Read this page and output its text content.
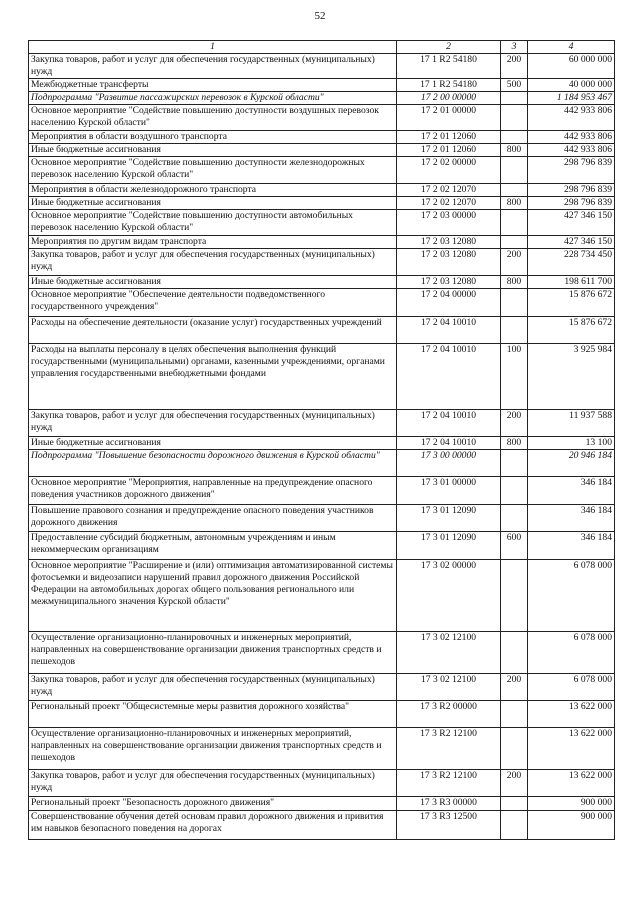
52
1	2	3	4
Закупка товаров, работ и услуг для обеспечения государственных (муниципальных) нужд	17 1 R2 54180	200	60 000 000
Межбюджетные трансферты	17 1 R2 54180	500	40 000 000
Подпрограмма "Развитие пассажирских перевозок в Курской области"	17 2 00 00000		1 184 953 467
Основное мероприятие "Содействие повышению доступности воздушных перевозок населению Курской области"	17 2 01 00000		442 933 806
Мероприятия в области воздушного транспорта	17 2 01 12060		442 933 806
Иные бюджетные ассигнования	17 2 01 12060	800	442 933 806
Основное мероприятие "Содействие повышению доступности железнодорожных перевозок населению Курской области"	17 2 02 00000		298 796 839
Мероприятия в области железнодорожного транспорта	17 2 02 12070		298 796 839
Иные бюджетные ассигнования	17 2 02 12070	800	298 796 839
Основное мероприятие "Содействие повышению доступности автомобильных перевозок населению Курской области"	17 2 03 00000		427 346 150
Мероприятия по другим видам транспорта	17 2 03 12080		427 346 150
Закупка товаров, работ и услуг для обеспечения государственных (муниципальных) нужд	17 2 03 12080	200	228 734 450
Иные бюджетные ассигнования	17 2 03 12080	800	198 611 700
Основное мероприятие "Обеспечение деятельности подведомственного государственного учреждения"	17 2 04 00000		15 876 672
Расходы на обеспечение деятельности (оказание услуг) государственных учреждений	17 2 04 10010		15 876 672
Расходы на выплаты персоналу в целях обеспечения выполнения функций государственными (муниципальными) органами, казенными учреждениями, органами управления государственными внебюджетными фондами	17 2 04 10010	100	3 925 984
Закупка товаров, работ и услуг для обеспечения государственных (муниципальных) нужд	17 2 04 10010	200	11 937 588
Иные бюджетные ассигнования	17 2 04 10010	800	13 100
Подпрограмма "Повышение безопасности дорожного движения в Курской области"	17 3 00 00000		20 946 184
Основное мероприятие "Мероприятия, направленные на предупреждение опасного поведения участников дорожного движения"	17 3 01 00000		346 184
Повышение правового сознания и предупреждение опасного поведения участников дорожного движения	17 3 01 12090		346 184
Предоставление субсидий бюджетным, автономным учреждениям и иным некоммерческим организациям	17 3 01 12090	600	346 184
Основное мероприятие "Расширение и (или) оптимизация автоматизированной системы фотосъемки и видеозаписи нарушений правил дорожного движения Российской Федерации на автомобильных дорогах общего пользования регионального или межмуниципального значения Курской области"	17 3 02 00000		6 078 000
Осуществление организационно-планировочных и инженерных мероприятий, направленных на совершенствование организации движения транспортных средств и пешеходов	17 3 02 12100		6 078 000
Закупка товаров, работ и услуг для обеспечения государственных (муниципальных) нужд	17 3 02 12100	200	6 078 000
Региональный проект "Общесистемные меры развития дорожного хозяйства"	17 3 R2 00000		13 622 000
Осуществление организационно-планировочных и инженерных мероприятий, направленных на совершенствование организации движения транспортных средств и пешеходов	17 3 R2 12100		13 622 000
Закупка товаров, работ и услуг для обеспечения государственных (муниципальных) нужд	17 3 R2 12100	200	13 622 000
Региональный проект "Безопасность дорожного движения"	17 3 R3 00000		900 000
Совершенствование обучения детей основам правил дорожного движения и привития им навыков безопасного поведения на дорогах	17 3 R3 12500		900 000
